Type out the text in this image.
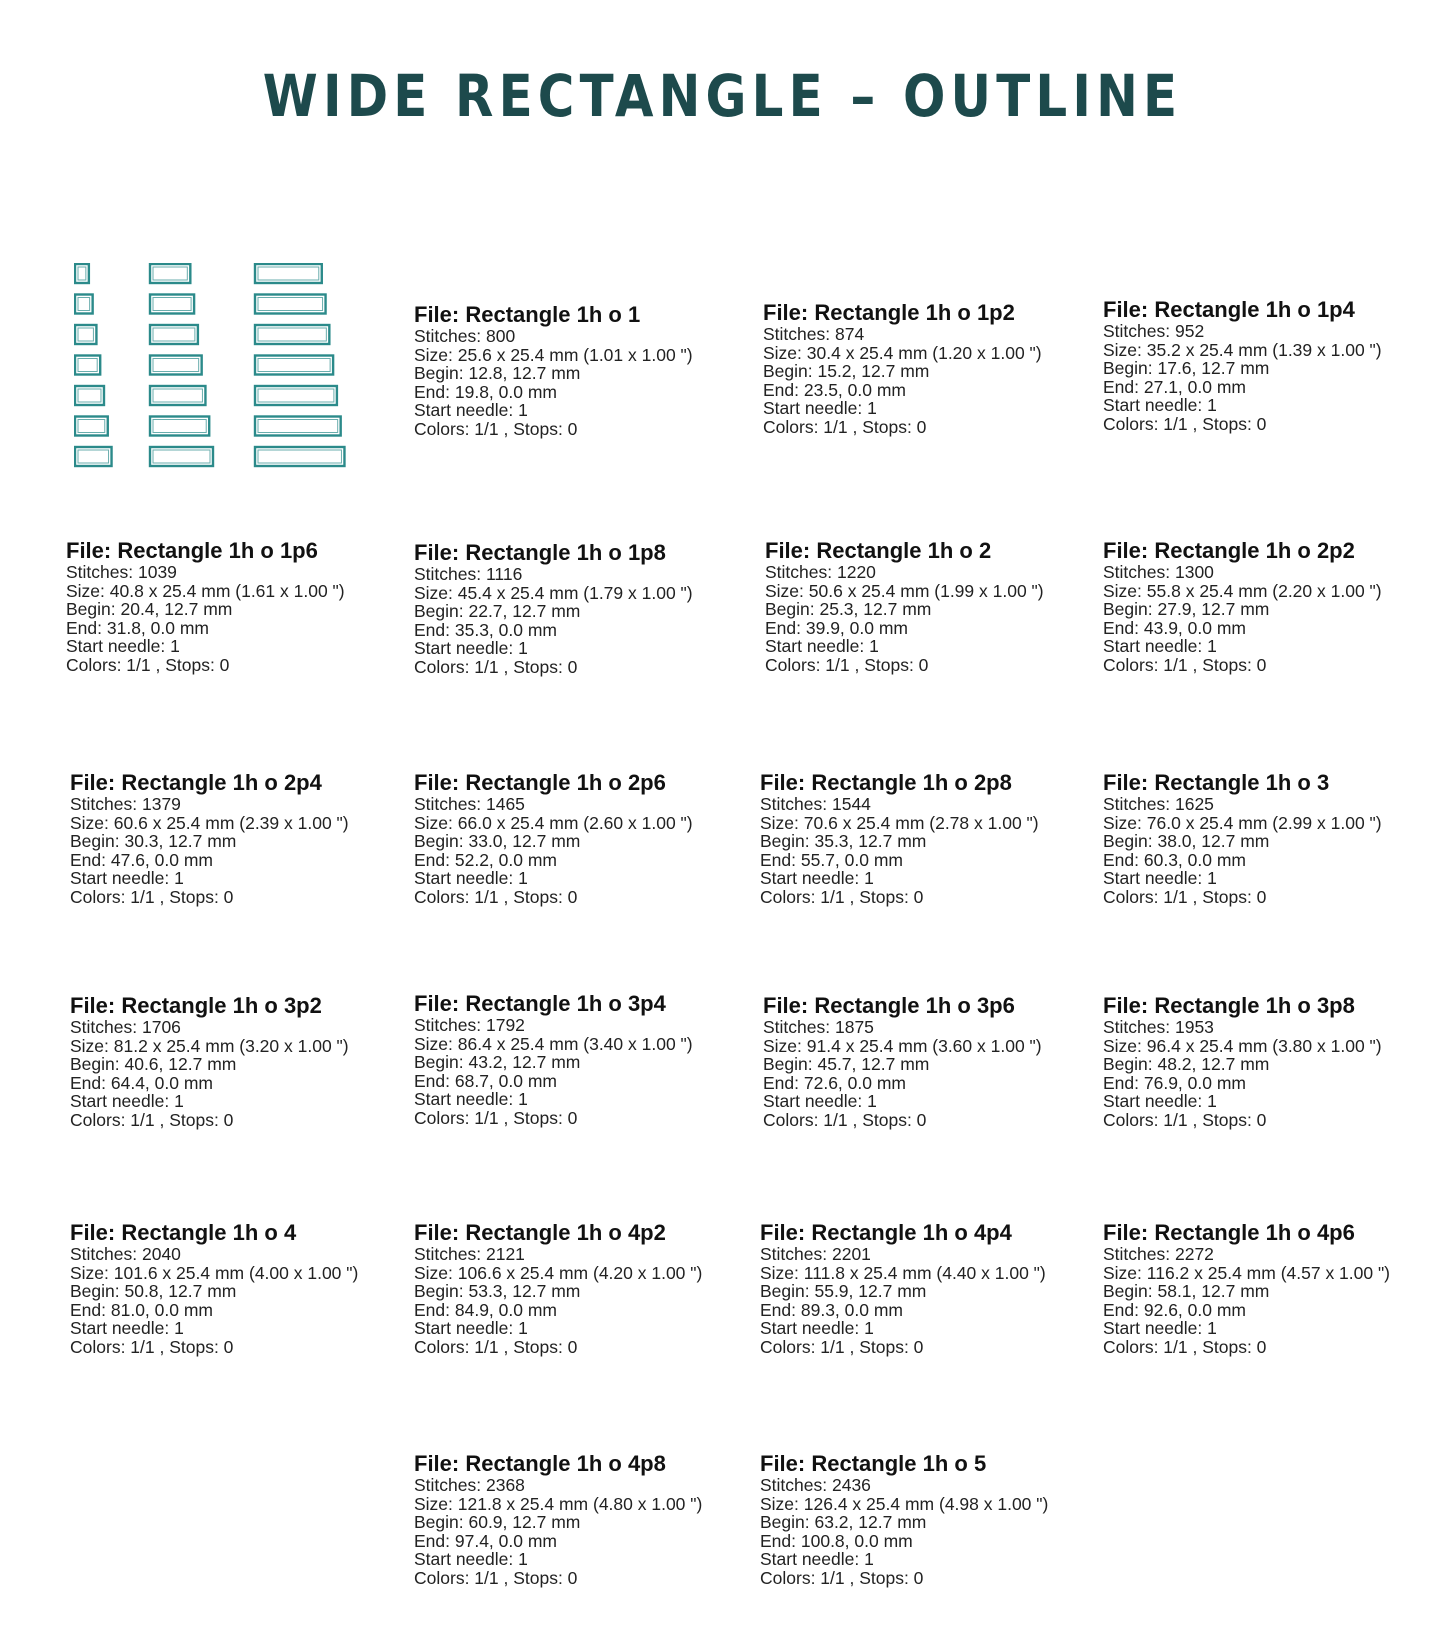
WIDE RECTANGLE – OUTLINE
File: Rectangle 1h o 1
Stitches: 800
Size: 25.6 x 25.4 mm (1.01 x 1.00 ")
Begin: 12.8, 12.7 mm
End: 19.8, 0.0 mm
Start needle: 1
Colors: 1/1 , Stops: 0
File: Rectangle 1h o 1p2
Stitches: 874
Size: 30.4 x 25.4 mm (1.20 x 1.00 ")
Begin: 15.2, 12.7 mm
End: 23.5, 0.0 mm
Start needle: 1
Colors: 1/1 , Stops: 0
File: Rectangle 1h o 1p4
Stitches: 952
Size: 35.2 x 25.4 mm (1.39 x 1.00 ")
Begin: 17.6, 12.7 mm
End: 27.1, 0.0 mm
Start needle: 1
Colors: 1/1 , Stops: 0
File: Rectangle 1h o 1p6
Stitches: 1039
Size: 40.8 x 25.4 mm (1.61 x 1.00 ")
Begin: 20.4, 12.7 mm
End: 31.8, 0.0 mm
Start needle: 1
Colors: 1/1 , Stops: 0
File: Rectangle 1h o 1p8
Stitches: 1116
Size: 45.4 x 25.4 mm (1.79 x 1.00 ")
Begin: 22.7, 12.7 mm
End: 35.3, 0.0 mm
Start needle: 1
Colors: 1/1 , Stops: 0
File: Rectangle 1h o 2
Stitches: 1220
Size: 50.6 x 25.4 mm (1.99 x 1.00 ")
Begin: 25.3, 12.7 mm
End: 39.9, 0.0 mm
Start needle: 1
Colors: 1/1 , Stops: 0
File: Rectangle 1h o 2p2
Stitches: 1300
Size: 55.8 x 25.4 mm (2.20 x 1.00 ")
Begin: 27.9, 12.7 mm
End: 43.9, 0.0 mm
Start needle: 1
Colors: 1/1 , Stops: 0
File: Rectangle 1h o 2p4
Stitches: 1379
Size: 60.6 x 25.4 mm (2.39 x 1.00 ")
Begin: 30.3, 12.7 mm
End: 47.6, 0.0 mm
Start needle: 1
Colors: 1/1 , Stops: 0
File: Rectangle 1h o 2p6
Stitches: 1465
Size: 66.0 x 25.4 mm (2.60 x 1.00 ")
Begin: 33.0, 12.7 mm
End: 52.2, 0.0 mm
Start needle: 1
Colors: 1/1 , Stops: 0
File: Rectangle 1h o 2p8
Stitches: 1544
Size: 70.6 x 25.4 mm (2.78 x 1.00 ")
Begin: 35.3, 12.7 mm
End: 55.7, 0.0 mm
Start needle: 1
Colors: 1/1 , Stops: 0
File: Rectangle 1h o 3
Stitches: 1625
Size: 76.0 x 25.4 mm (2.99 x 1.00 ")
Begin: 38.0, 12.7 mm
End: 60.3, 0.0 mm
Start needle: 1
Colors: 1/1 , Stops: 0
File: Rectangle 1h o 3p2
Stitches: 1706
Size: 81.2 x 25.4 mm (3.20 x 1.00 ")
Begin: 40.6, 12.7 mm
End: 64.4, 0.0 mm
Start needle: 1
Colors: 1/1 , Stops: 0
File: Rectangle 1h o 3p4
Stitches: 1792
Size: 86.4 x 25.4 mm (3.40 x 1.00 ")
Begin: 43.2, 12.7 mm
End: 68.7, 0.0 mm
Start needle: 1
Colors: 1/1 , Stops: 0
File: Rectangle 1h o 3p6
Stitches: 1875
Size: 91.4 x 25.4 mm (3.60 x 1.00 ")
Begin: 45.7, 12.7 mm
End: 72.6, 0.0 mm
Start needle: 1
Colors: 1/1 , Stops: 0
File: Rectangle 1h o 3p8
Stitches: 1953
Size: 96.4 x 25.4 mm (3.80 x 1.00 ")
Begin: 48.2, 12.7 mm
End: 76.9, 0.0 mm
Start needle: 1
Colors: 1/1 , Stops: 0
File: Rectangle 1h o 4
Stitches: 2040
Size: 101.6 x 25.4 mm (4.00 x 1.00 ")
Begin: 50.8, 12.7 mm
End: 81.0, 0.0 mm
Start needle: 1
Colors: 1/1 , Stops: 0
File: Rectangle 1h o 4p2
Stitches: 2121
Size: 106.6 x 25.4 mm (4.20 x 1.00 ")
Begin: 53.3, 12.7 mm
End: 84.9, 0.0 mm
Start needle: 1
Colors: 1/1 , Stops: 0
File: Rectangle 1h o 4p4
Stitches: 2201
Size: 111.8 x 25.4 mm (4.40 x 1.00 ")
Begin: 55.9, 12.7 mm
End: 89.3, 0.0 mm
Start needle: 1
Colors: 1/1 , Stops: 0
File: Rectangle 1h o 4p6
Stitches: 2272
Size: 116.2 x 25.4 mm (4.57 x 1.00 ")
Begin: 58.1, 12.7 mm
End: 92.6, 0.0 mm
Start needle: 1
Colors: 1/1 , Stops: 0
File: Rectangle 1h o 4p8
Stitches: 2368
Size: 121.8 x 25.4 mm (4.80 x 1.00 ")
Begin: 60.9, 12.7 mm
End: 97.4, 0.0 mm
Start needle: 1
Colors: 1/1 , Stops: 0
File: Rectangle 1h o 5
Stitches: 2436
Size: 126.4 x 25.4 mm (4.98 x 1.00 ")
Begin: 63.2, 12.7 mm
End: 100.8, 0.0 mm
Start needle: 1
Colors: 1/1 , Stops: 0
